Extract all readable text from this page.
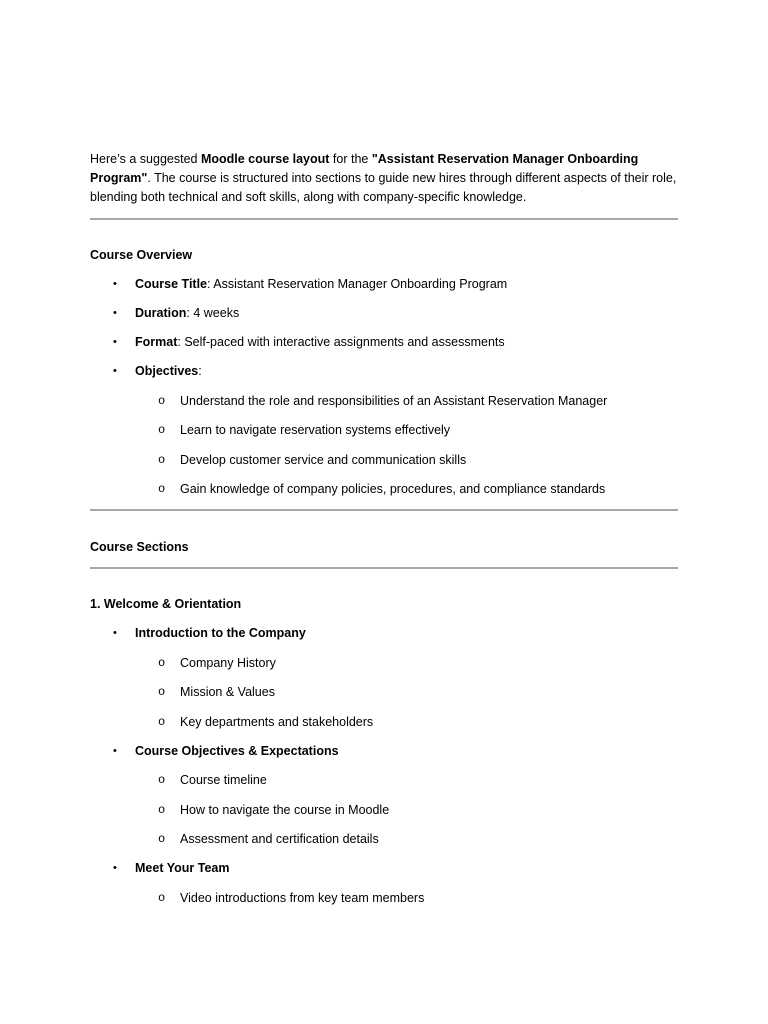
Here’s a suggested Moodle course layout for the "Assistant Reservation Manager Onboarding Program". The course is structured into sections to guide new hires through different aspects of their role, blending both technical and soft skills, along with company-specific knowledge.

Course Overview

• Course Title: Assistant Reservation Manager Onboarding Program
• Duration: 4 weeks
• Format: Self-paced with interactive assignments and assessments
• Objectives:
o Understand the role and responsibilities of an Assistant Reservation Manager
o Learn to navigate reservation systems effectively
o Develop customer service and communication skills
o Gain knowledge of company policies, procedures, and compliance standards

Course Sections

1. Welcome & Orientation

• Introduction to the Company
o Company History
o Mission & Values
o Key departments and stakeholders
• Course Objectives & Expectations
o Course timeline
o How to navigate the course in Moodle
o Assessment and certification details
• Meet Your Team
o Video introductions from key team members
